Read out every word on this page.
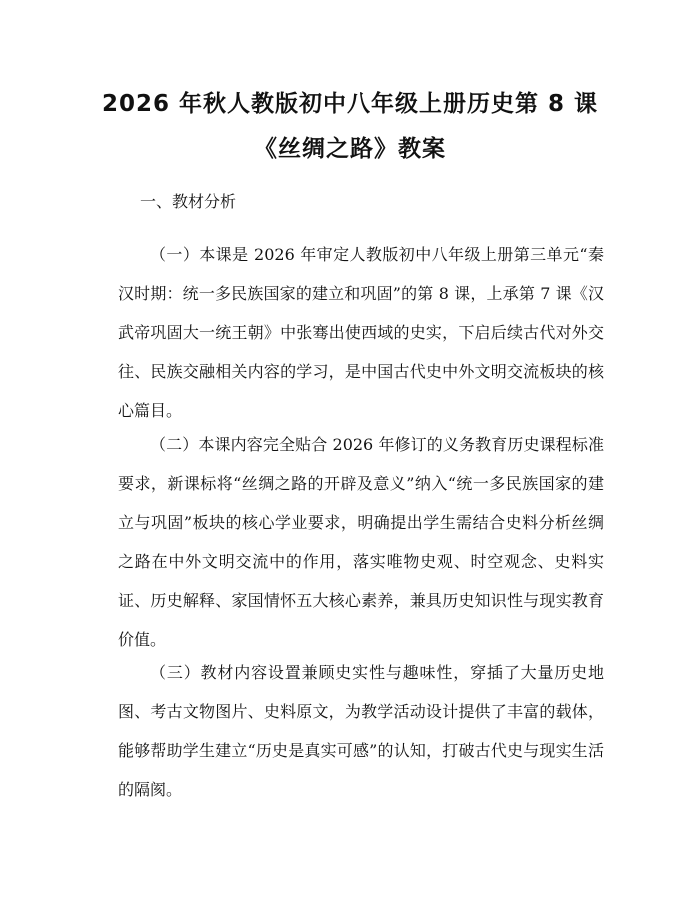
2026 年秋人教版初中八年级上册历史第 8 课
《丝绸之路》教案
一、教材分析
（一）本课是 2026 年审定人教版初中八年级上册第三单元“秦汉时期：统一多民族国家的建立和巩固”的第 8 课，上承第 7 课《汉武帝巩固大一统王朝》中张骞出使西域的史实，下启后续古代对外交往、民族交融相关内容的学习，是中国古代史中外文明交流板块的核心篇目。
（二）本课内容完全贴合 2026 年修订的义务教育历史课程标准要求，新课标将“丝绸之路的开辟及意义”纳入“统一多民族国家的建立与巩固”板块的核心学业要求，明确提出学生需结合史料分析丝绸之路在中外文明交流中的作用，落实唯物史观、时空观念、史料实证、历史解释、家国情怀五大核心素养，兼具历史知识性与现实教育价值。
（三）教材内容设置兼顾史实性与趣味性，穿插了大量历史地图、考古文物图片、史料原文，为教学活动设计提供了丰富的载体，能够帮助学生建立“历史是真实可感”的认知，打破古代史与现实生活的隔阂。
